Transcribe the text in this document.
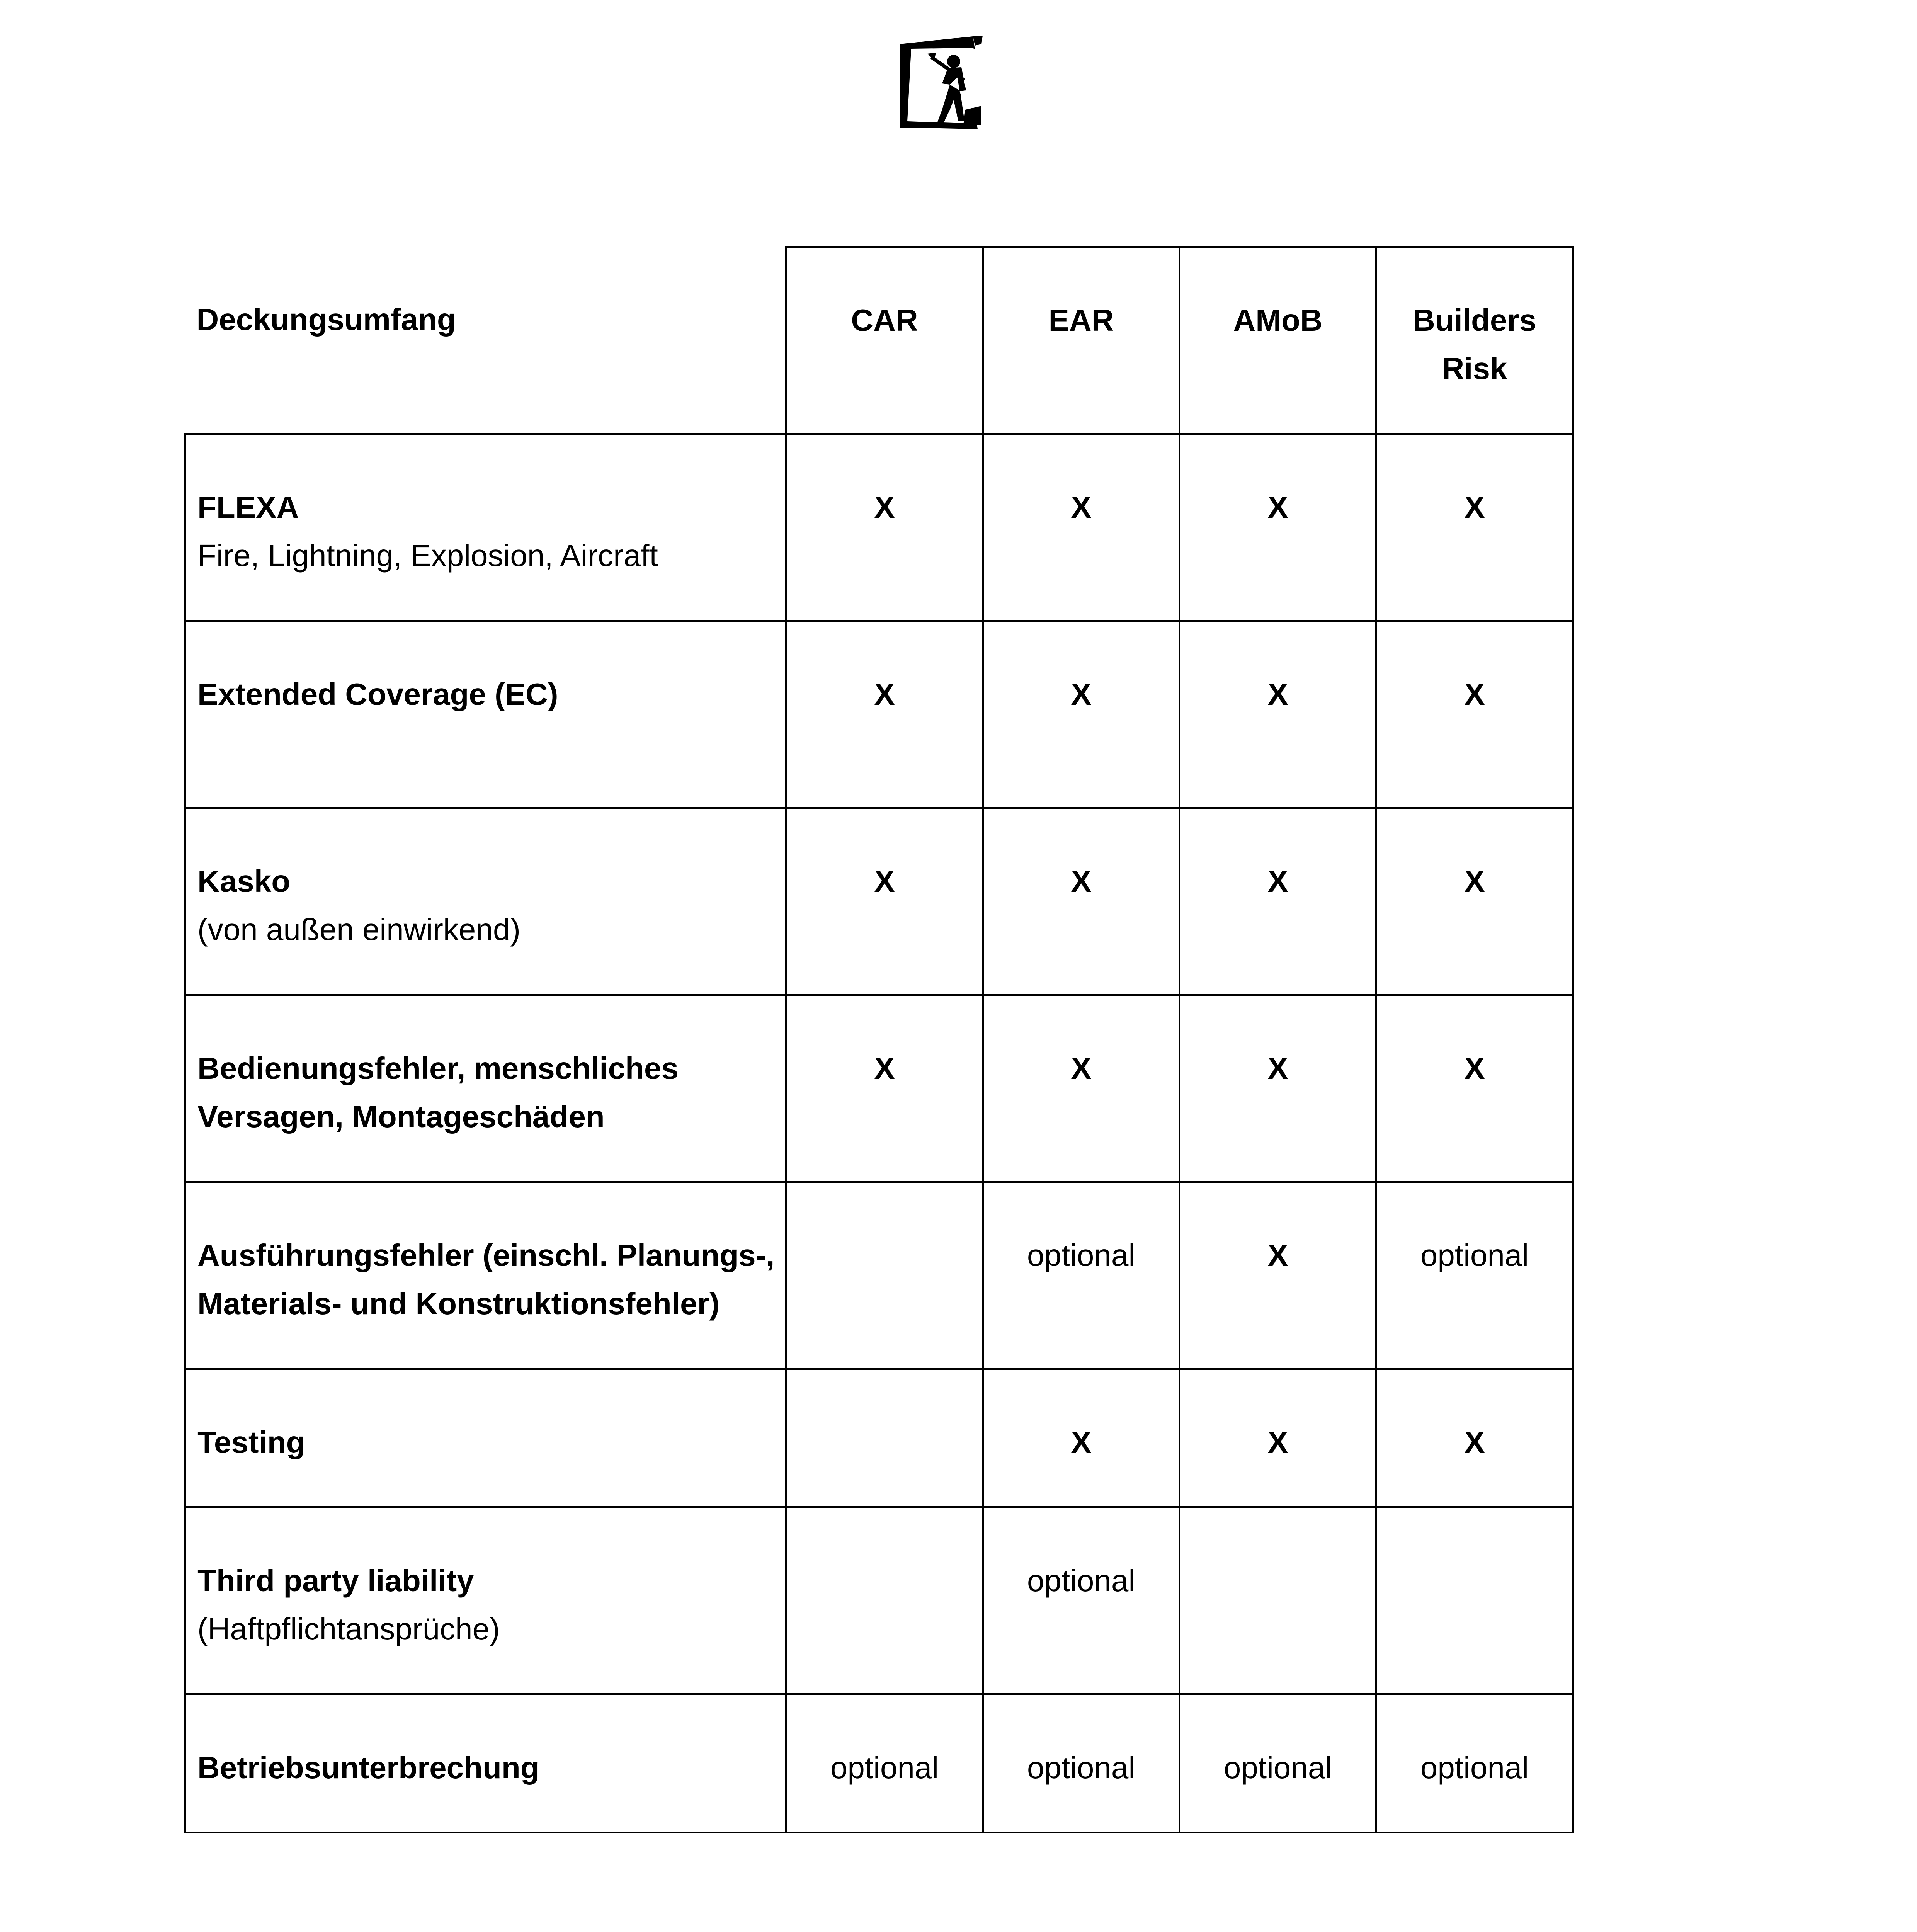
Deckungsumfang	CAR	EAR	AMoB	Builders Risk

FLEXA
Fire, Lightning, Explosion, Aircraft	X	X	X	X

Extended Coverage (EC)	X	X	X	X

Kasko
(von außen einwirkend)	X	X	X	X

Bedienungsfehler, menschliches Versagen, Montageschäden	X	X	X	X

Ausführungsfehler (einschl. Planungs-, Materials- und Konstruktionsfehler)		optional	X	optional

Testing		X	X	X

Third party liability
(Haftpflichtansprüche)		optional		

Betriebsunterbrechung	optional	optional	optional	optional
